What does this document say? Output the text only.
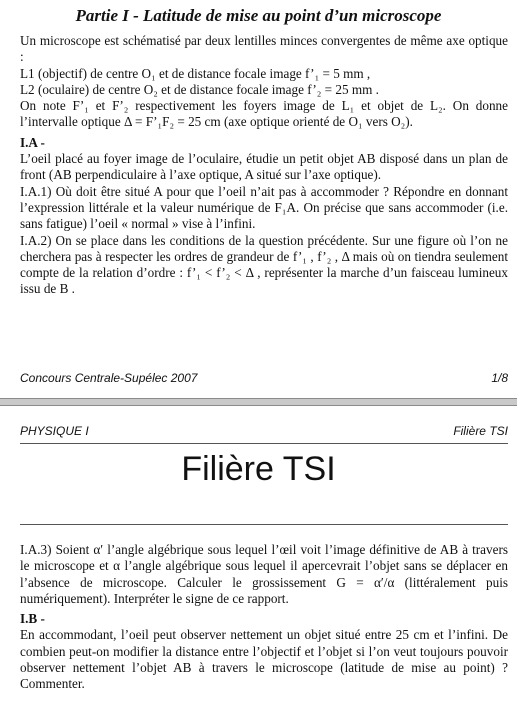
Partie I - Latitude de mise au point d’un microscope

Un microscope est schématisé par deux lentilles minces convergentes de même axe optique :

L1 (objectif) de centre O₁ et de distance focale image f’₁ = 5 mm ,

L2 (oculaire) de centre O₂ et de distance focale image f’₂ = 25 mm .

On note F’₁ et F’₂ respectivement les foyers image de L₁ et objet de L₂. On donne l’intervalle optique Δ = F’₁F₂ = 25 cm (axe optique orienté de O₁ vers O₂).

I.A -

L’oeil placé au foyer image de l’oculaire, étudie un petit objet AB disposé dans un plan de front (AB perpendiculaire à l’axe optique, A situé sur l’axe optique).

I.A.1) Où doit être situé A pour que l’oeil n’ait pas à accommoder ? Répondre en donnant l’expression littérale et la valeur numérique de F₁A. On précise que sans accommoder (i.e. sans fatigue) l’oeil « normal » vise à l’infini.

I.A.2) On se place dans les conditions de la question précédente. Sur une figure où l’on ne cherchera pas à respecter les ordres de grandeur de f’₁ , f’₂ , Δ mais où on tiendra seulement compte de la relation d’ordre : f’₁ < f’₂ < Δ , représenter la marche d’un faisceau lumineux issu de B .

Concours Centrale-Supélec 2007	1/8
PHYSIQUE I	Filière TSI
Filière TSI

I.A.3) Soient α′ l’angle algébrique sous lequel l’œil voit l’image définitive de AB à travers le microscope et α l’angle algébrique sous lequel il apercevrait l’objet sans se déplacer en l’absence de microscope. Calculer le grossissement G = α′/α (littéralement puis numériquement). Interpréter le signe de ce rapport.

I.B -

En accommodant, l’oeil peut observer nettement un objet situé entre 25 cm et l’infini. De combien peut-on modifier la distance entre l’objectif et l’objet si l’on veut toujours pouvoir observer nettement l’objet AB à travers le microscope (latitude de mise au point) ? Commenter.
